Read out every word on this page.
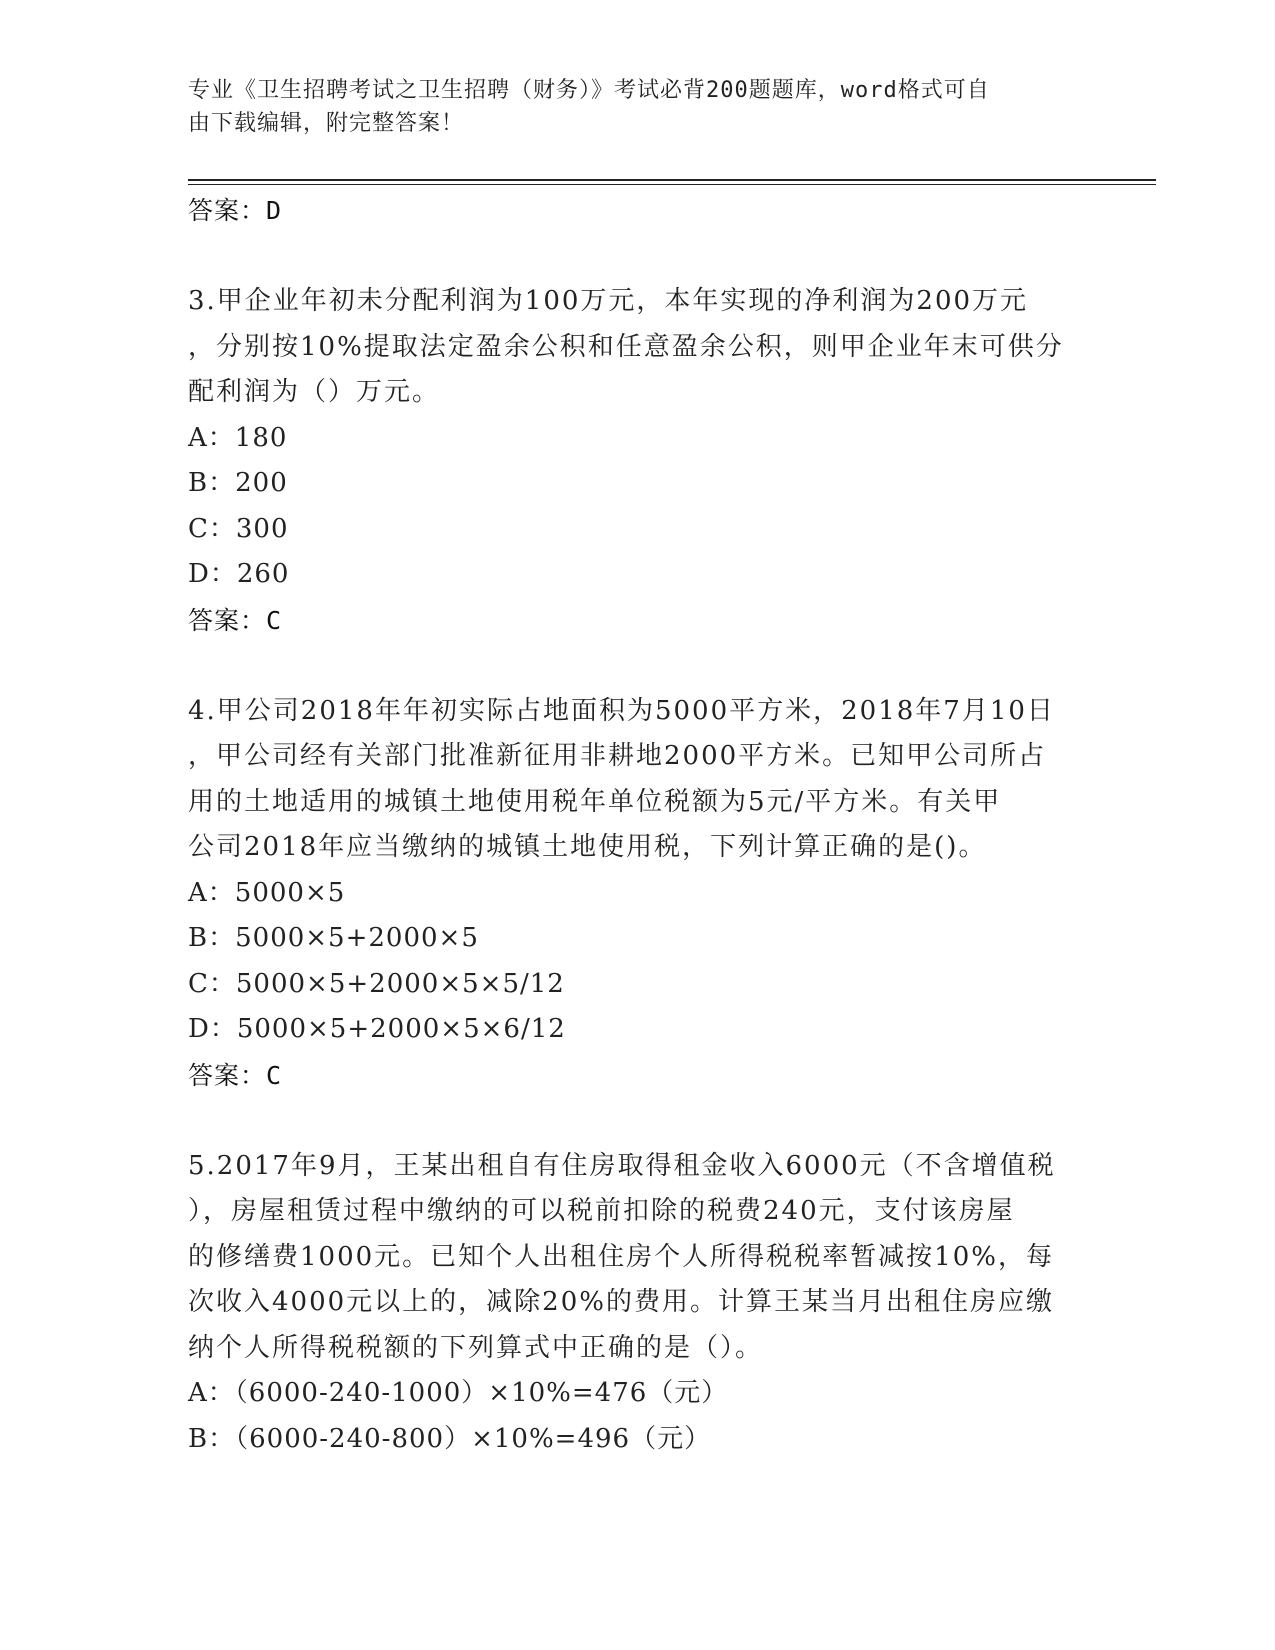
专业《卫生招聘考试之卫生招聘（财务）》考试必背200题题库，word格式可自
由下载编辑，附完整答案！

答案：D

3.甲企业年初未分配利润为100万元，本年实现的净利润为200万元

，分别按10%提取法定盈余公积和任意盈余公积，则甲企业年末可供分

配利润为（）万元。

A：180

B：200

C：300

D：260

答案：C

4.甲公司2018年年初实际占地面积为5000平方米，2018年7月10日

，甲公司经有关部门批准新征用非耕地2000平方米。已知甲公司所占

用的土地适用的城镇土地使用税年单位税额为5元/平方米。有关甲

公司2018年应当缴纳的城镇土地使用税，下列计算正确的是()。

A：5000×5

B：5000×5+2000×5

C：5000×5+2000×5×5/12

D：5000×5+2000×5×6/12

答案：C

5.2017年9月，王某出租自有住房取得租金收入6000元（不含增值税

），房屋租赁过程中缴纳的可以税前扣除的税费240元，支付该房屋

的修缮费1000元。已知个人出租住房个人所得税税率暂减按10%，每

次收入4000元以上的，减除20%的费用。计算王某当月出租住房应缴

纳个人所得税税额的下列算式中正确的是（）。

A：（6000-240-1000）×10%=476（元）

B：（6000-240-800）×10%=496（元）
